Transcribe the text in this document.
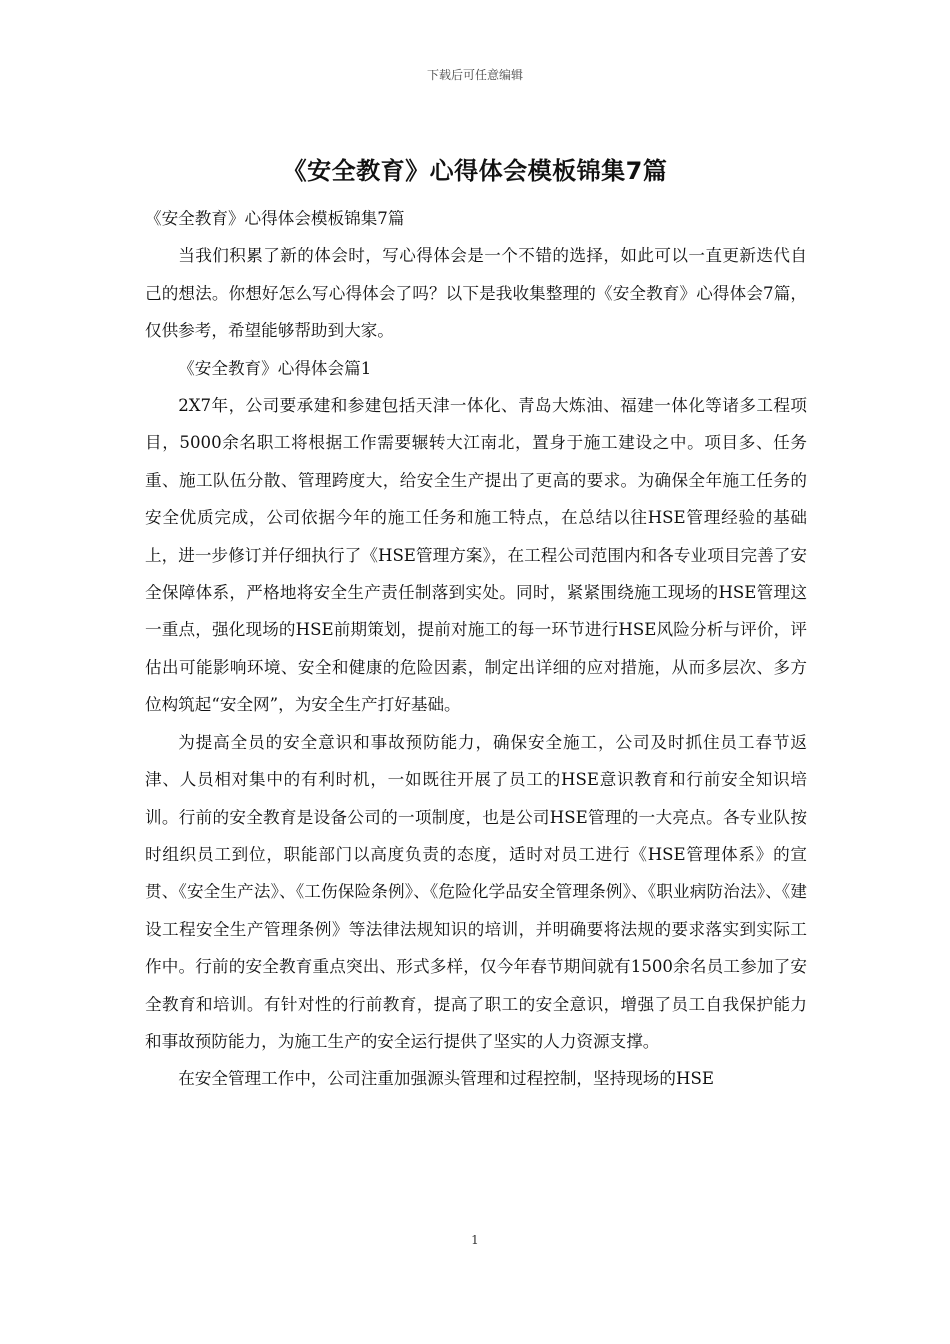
下载后可任意编辑
《安全教育》心得体会模板锦集7篇

《安全教育》心得体会模板锦集7篇

当我们积累了新的体会时，写心得体会是一个不错的选择，如此可以一直更新迭代自己的想法。你想好怎么写心得体会了吗？以下是我收集整理的《安全教育》心得体会7篇，仅供参考，希望能够帮助到大家。

《安全教育》心得体会篇1

2X7年，公司要承建和参建包括天津一体化、青岛大炼油、福建一体化等诸多工程项目，5000余名职工将根据工作需要辗转大江南北，置身于施工建设之中。项目多、任务重、施工队伍分散、管理跨度大，给安全生产提出了更高的要求。为确保全年施工任务的安全优质完成，公司依据今年的施工任务和施工特点，在总结以往HSE管理经验的基础上，进一步修订并仔细执行了《HSE管理方案》，在工程公司范围内和各专业项目完善了安全保障体系，严格地将安全生产责任制落到实处。同时，紧紧围绕施工现场的HSE管理这一重点，强化现场的HSE前期策划，提前对施工的每一环节进行HSE风险分析与评价，评估出可能影响环境、安全和健康的危险因素，制定出详细的应对措施，从而多层次、多方位构筑起“安全网”，为安全生产打好基础。

为提高全员的安全意识和事故预防能力，确保安全施工，公司及时抓住员工春节返津、人员相对集中的有利时机，一如既往开展了员工的HSE意识教育和行前安全知识培训。行前的安全教育是设备公司的一项制度，也是公司HSE管理的一大亮点。各专业队按时组织员工到位，职能部门以高度负责的态度，适时对员工进行《HSE管理体系》的宣贯、《安全生产法》、《工伤保险条例》、《危险化学品安全管理条例》、《职业病防治法》、《建设工程安全生产管理条例》等法律法规知识的培训，并明确要将法规的要求落实到实际工作中。行前的安全教育重点突出、形式多样，仅今年春节期间就有1500余名员工参加了安全教育和培训。有针对性的行前教育，提高了职工的安全意识，增强了员工自我保护能力和事故预防能力，为施工生产的安全运行提供了坚实的人力资源支撑。

在安全管理工作中，公司注重加强源头管理和过程控制，坚持现场的HSE

1
